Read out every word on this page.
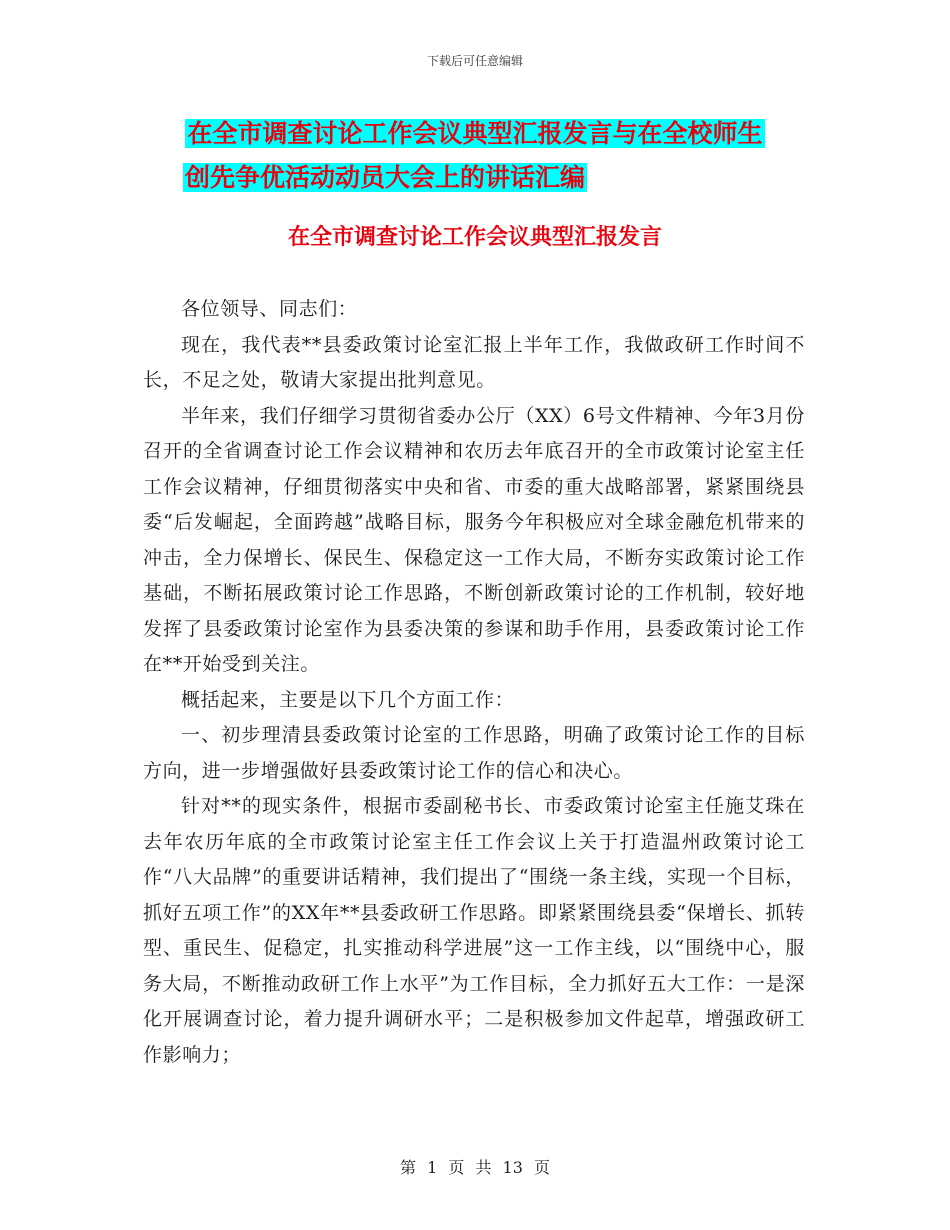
下载后可任意编辑
在全市调查讨论工作会议典型汇报发言与在全校师生
创先争优活动动员大会上的讲话汇编
在全市调查讨论工作会议典型汇报发言

各位领导、同志们：

现在，我代表**县委政策讨论室汇报上半年工作，我做政研工作时间不长，不足之处，敬请大家提出批判意见。

半年来，我们仔细学习贯彻省委办公厅（XX）6号文件精神、今年3月份召开的全省调查讨论工作会议精神和农历去年底召开的全市政策讨论室主任工作会议精神，仔细贯彻落实中央和省、市委的重大战略部署，紧紧围绕县委“后发崛起，全面跨越”战略目标，服务今年积极应对全球金融危机带来的冲击，全力保增长、保民生、保稳定这一工作大局，不断夯实政策讨论工作基础，不断拓展政策讨论工作思路，不断创新政策讨论的工作机制，较好地发挥了县委政策讨论室作为县委决策的参谋和助手作用，县委政策讨论工作在**开始受到关注。

概括起来，主要是以下几个方面工作：

一、初步理清县委政策讨论室的工作思路，明确了政策讨论工作的目标方向，进一步增强做好县委政策讨论工作的信心和决心。

针对**的现实条件，根据市委副秘书长、市委政策讨论室主任施艾珠在去年农历年底的全市政策讨论室主任工作会议上关于打造温州政策讨论工作“八大品牌”的重要讲话精神，我们提出了“围绕一条主线，实现一个目标，抓好五项工作”的XX年**县委政研工作思路。即紧紧围绕县委“保增长、抓转型、重民生、促稳定，扎实推动科学进展”这一工作主线，以“围绕中心，服务大局，不断推动政研工作上水平”为工作目标，全力抓好五大工作：一是深化开展调查讨论，着力提升调研水平；二是积极参加文件起草，增强政研工作影响力；

第 1 页 共 13 页
